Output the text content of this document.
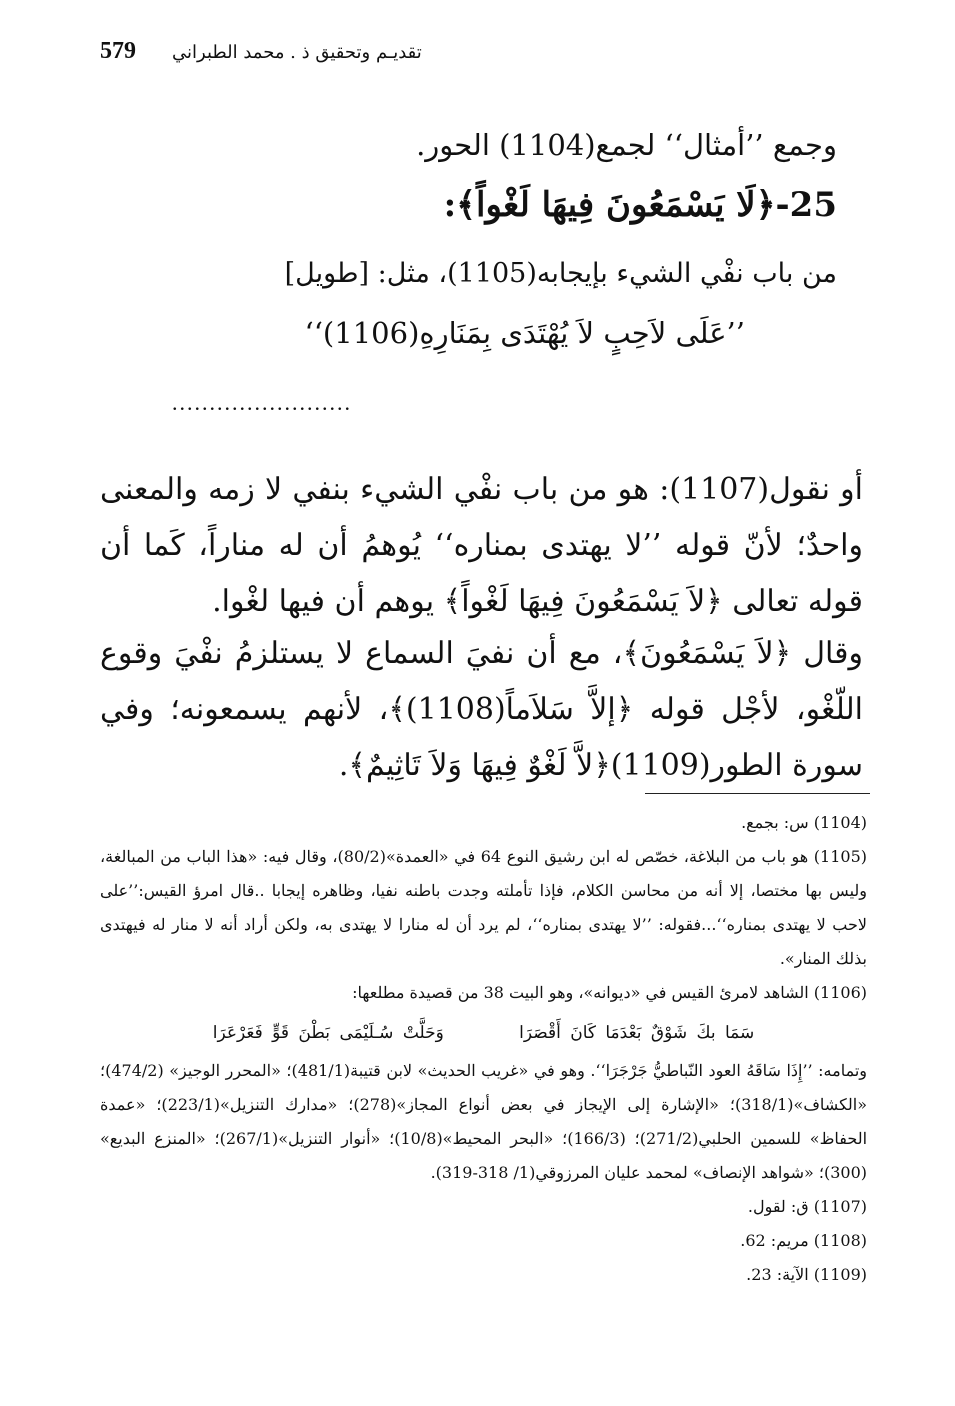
579 تقديـم وتحقيق ذ . محمد الطبراني
وجمع ’’أمثال‘‘ لجمع(1104) الحور.
25-﴿لَا يَسْمَعُونَ فِيهَا لَغْواً﴾:
من باب نفْي الشيء بإيجابه(1105)، مثل: [طويل]
’’عَلَى لاَحِبٍ لاَ يُهْتَدَى بِمَنَارِهِ(1106)‘‘
........................

أو نقول(1107): هو من باب نفْي الشيء بنفي لا زمه والمعنى واحدٌ؛ لأنّ قوله ’’لا يهتدى بمناره‘‘ يُوهمُ أن له مناراً، كَما أن قوله تعالى ﴿لاَ يَسْمَعُونَ فِيهَا لَغْواً﴾ يوهم أن فيها لغْوا.

وقال ﴿لاَ يَسْمَعُونَ﴾، مع أن نفيَ السماع لا يستلزمُ نفْيَ وقوع اللّغْو، لأجْل قوله ﴿إلاَّ سَلاَماً(1108)﴾، لأنهم يسمعونه؛ وفي سورة الطور(1109)﴿لاَّ لَغْوٌ فِيهَا وَلاَ تَاثِيمٌ﴾.

(1104) س: بجمع.

(1105) هو باب من البلاغة، خصّص له ابن رشيق النوع 64 في «العمدة»(80/2)، وقال فيه: «هذا الباب من المبالغة، وليس بها مختصا، إلا أنه من محاسن الكلام، فإذا تأملته وجدت باطنه نفيا، وظاهره إيجابا ..قال امرؤ القيس:’’على لاحب لا يهتدى بمناره‘‘...فقوله: ’’لا يهتدى بمناره‘‘، لم يرد أن له منارا لا يهتدى به، ولكن أراد أنه لا منار له فيهتدى بذلك المنار».

(1106) الشاهد لامرئ القيس في «ديوانه»، وهو البيت 38 من قصيدة مطلعها:

سَمَا بكَ شَوْقٌ بَعْدَمَا كَانَ أَقْصَرَا        وَحَلَّتْ سُـلَيْمَى بَطْنَ قَوٍّ فَعَرْعَرَا

وتمامه: ’’إِذَا سَاقَهُ العود النّباطيُّ جَرْجَرَا‘‘. وهو في «غريب الحديث» لابن قتيبة(481/1)؛ «المحرر الوجيز» (474/2)؛ «الكشاف»(318/1)؛ «الإشارة إلى الإيجاز في بعض أنواع المجاز»(278)؛ «مدارك التنزيل»(223/1)؛ «عمدة الحفاظ» للسمين الحلبي(271/2)؛ (166/3)؛ «البحر المحيط»(10/8)؛ «أنوار التنزيل»(267/1)؛ «المنزع البديع» (300)؛ «شواهد الإنصاف» لمحمد عليان المرزوقي(1/ 318-319).

(1107) ق: لقول.

(1108) مريم: 62.

(1109) الآية: 23.
